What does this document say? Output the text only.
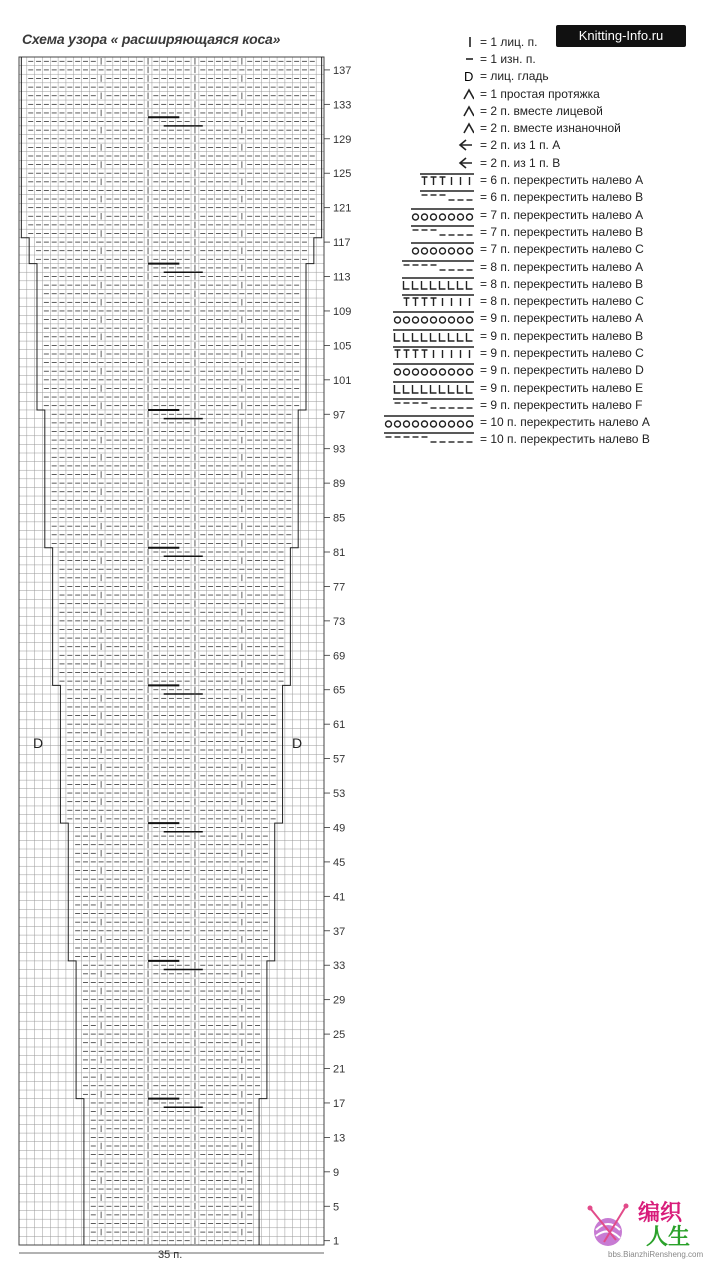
Схема узора « расширяющаяся коса»	Knitting-Info.ru
137
133
129
125
121
117
113
109
105
101
97
93
89
85
81
77
73
69
65
61
57
53
49
45
41
37
33
29
25
21
17
13
9
5
1
D	D
35 п.
= 1 лиц. п.
= 1 изн. п.
D = лиц. гладь
= 1 простая протяжка
= 2 п. вместе лицевой
= 2 п. вместе изнаночной
= 2 п. из 1 п. А
= 2 п. из 1 п. В
= 6 п. перекрестить налево А
= 6 п. перекрестить налево В
= 7 п. перекрестить налево А
= 7 п. перекрестить налево В
= 7 п. перекрестить налево С
= 8 п. перекрестить налево А
= 8 п. перекрестить налево В
= 8 п. перекрестить налево С
= 9 п. перекрестить налево А
= 9 п. перекрестить налево В
= 9 п. перекрестить налево С
= 9 п. перекрестить налево D
= 9 п. перекрестить налево E
= 9 п. перекрестить налево F
= 10 п. перекрестить налево А
= 10 п. перекрестить налево В
编织
人生
bbs.BianzhiRensheng.com
